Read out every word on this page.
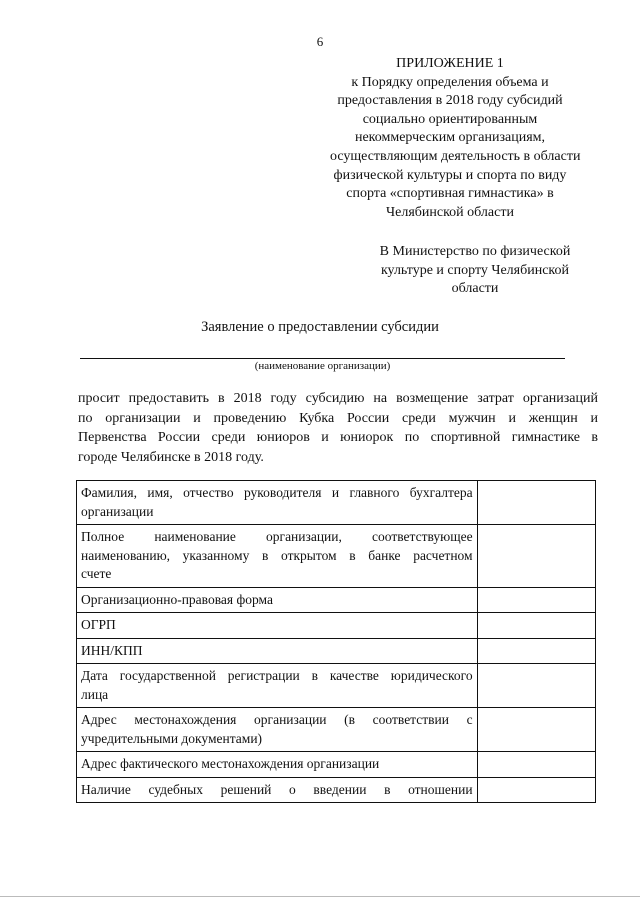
6
ПРИЛОЖЕНИЕ 1
к Порядку определения объема и
предоставления в 2018 году субсидий
социально ориентированным
некоммерческим организациям,
осуществляющим деятельность в области
физической культуры и спорта по виду
спорта «спортивная гимнастика» в
Челябинской области
В Министерство по физической
культуре и спорту Челябинской
области
Заявление о предоставлении субсидии
(наименование организации)
просит предоставить в 2018 году субсидию на возмещение затрат организаций
по организации и проведению Кубка России среди мужчин и женщин и
Первенства России среди юниоров и юниорок по спортивной гимнастике в
городе Челябинске в 2018 году.
Фамилия, имя, отчество руководителя и главного бухгалтера
организации	

Полное наименование организации, соответствующее
наименованию, указанному в открытом в банке расчетном
счете	

Организационно-правовая форма	

ОГРП	

ИНН/КПП	

Дата государственной регистрации в качестве юридического
лица	

Адрес местонахождения организации (в соответствии с
учредительными документами)	

Адрес фактического местонахождения организации	

Наличие судебных решений о введении в отношении	
